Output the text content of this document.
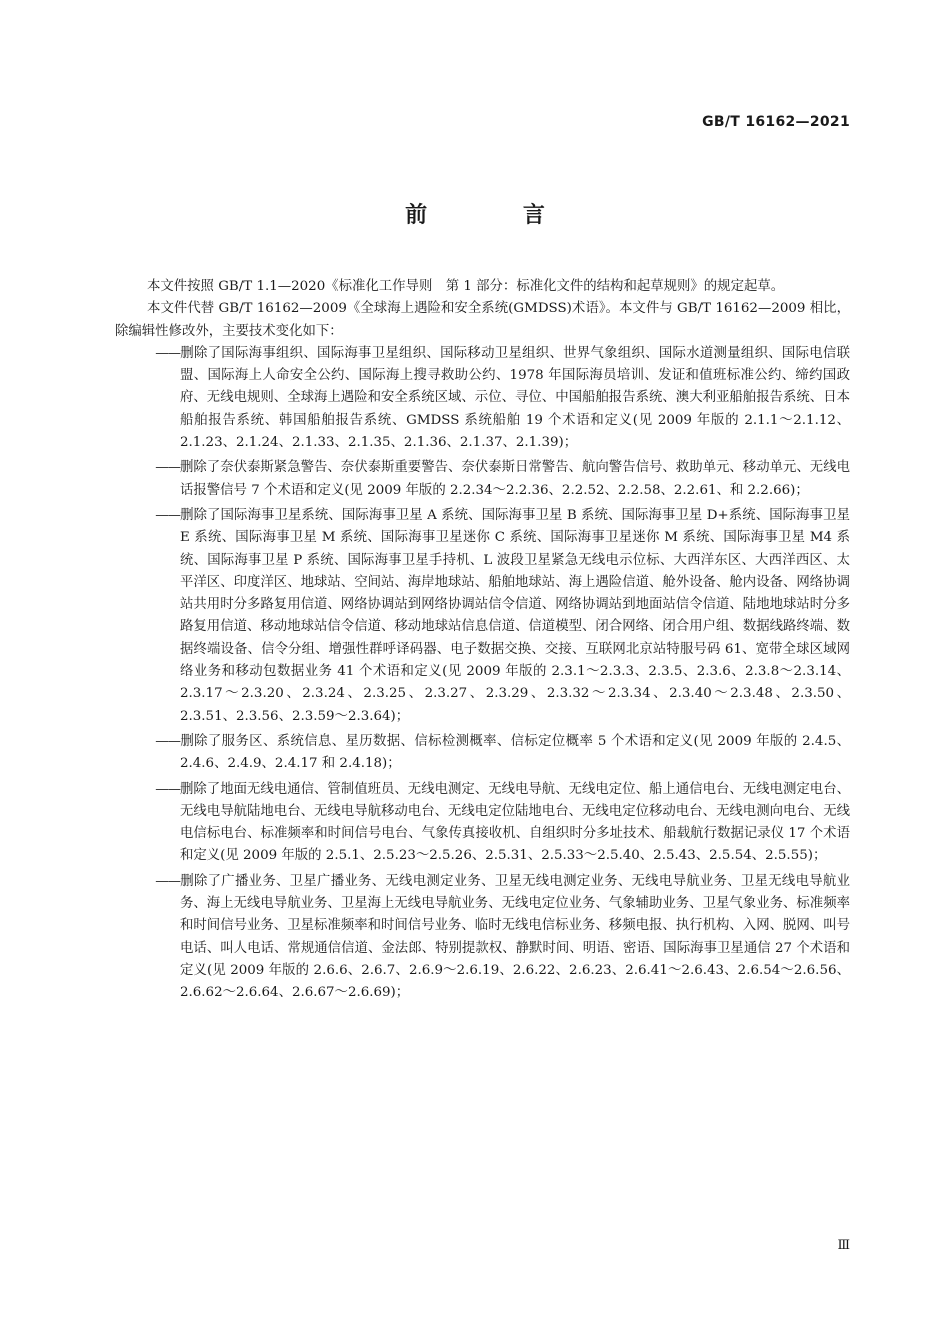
GB/T 16162—2021
前 言

本文件按照 GB/T 1.1—2020《标准化工作导则　第 1 部分：标准化文件的结构和起草规则》的规定起草。

本文件代替 GB/T 16162—2009《全球海上遇险和安全系统(GMDSS)术语》。本文件与 GB/T 16162—2009 相比，除编辑性修改外，主要技术变化如下：

——删除了国际海事组织、国际海事卫星组织、国际移动卫星组织、世界气象组织、国际水道测量组织、国际电信联盟、国际海上人命安全公约、国际海上搜寻救助公约、1978 年国际海员培训、发证和值班标准公约、缔约国政府、无线电规则、全球海上遇险和安全系统区域、示位、寻位、中国船舶报告系统、澳大利亚船舶报告系统、日本船舶报告系统、韩国船舶报告系统、GMDSS 系统船舶 19 个术语和定义(见 2009 年版的 2.1.1～2.1.12、2.1.23、2.1.24、2.1.33、2.1.35、2.1.36、2.1.37、2.1.39)；

——删除了奈伏泰斯紧急警告、奈伏泰斯重要警告、奈伏泰斯日常警告、航向警告信号、救助单元、移动单元、无线电话报警信号 7 个术语和定义(见 2009 年版的 2.2.34～2.2.36、2.2.52、2.2.58、2.2.61、和 2.2.66)；

——删除了国际海事卫星系统、国际海事卫星 A 系统、国际海事卫星 B 系统、国际海事卫星 D+系统、国际海事卫星 E 系统、国际海事卫星 M 系统、国际海事卫星迷你 C 系统、国际海事卫星迷你 M 系统、国际海事卫星 M4 系统、国际海事卫星 P 系统、国际海事卫星手持机、L 波段卫星紧急无线电示位标、大西洋东区、大西洋西区、太平洋区、印度洋区、地球站、空间站、海岸地球站、船舶地球站、海上遇险信道、舱外设备、舱内设备、网络协调站共用时分多路复用信道、网络协调站到网络协调站信令信道、网络协调站到地面站信令信道、陆地地球站时分多路复用信道、移动地球站信令信道、移动地球站信息信道、信道模型、闭合网络、闭合用户组、数据线路终端、数据终端设备、信令分组、增强性群呼译码器、电子数据交换、交接、互联网北京站特服号码 61、宽带全球区域网络业务和移动包数据业务 41 个术语和定义(见 2009 年版的 2.3.1～2.3.3、2.3.5、2.3.6、2.3.8～2.3.14、2.3.17～2.3.20、2.3.24、2.3.25、2.3.27、2.3.29、2.3.32～2.3.34、2.3.40～2.3.48、2.3.50、2.3.51、2.3.56、2.3.59～2.3.64)；

——删除了服务区、系统信息、星历数据、信标检测概率、信标定位概率 5 个术语和定义(见 2009 年版的 2.4.5、2.4.6、2.4.9、2.4.17 和 2.4.18)；

——删除了地面无线电通信、管制值班员、无线电测定、无线电导航、无线电定位、船上通信电台、无线电测定电台、无线电导航陆地电台、无线电导航移动电台、无线电定位陆地电台、无线电定位移动电台、无线电测向电台、无线电信标电台、标准频率和时间信号电台、气象传真接收机、自组织时分多址技术、船载航行数据记录仪 17 个术语和定义(见 2009 年版的 2.5.1、2.5.23～2.5.26、2.5.31、2.5.33～2.5.40、2.5.43、2.5.54、2.5.55)；

——删除了广播业务、卫星广播业务、无线电测定业务、卫星无线电测定业务、无线电导航业务、卫星无线电导航业务、海上无线电导航业务、卫星海上无线电导航业务、无线电定位业务、气象辅助业务、卫星气象业务、标准频率和时间信号业务、卫星标准频率和时间信号业务、临时无线电信标业务、移频电报、执行机构、入网、脱网、叫号电话、叫人电话、常规通信信道、金法郎、特别提款权、静默时间、明语、密语、国际海事卫星通信 27 个术语和定义(见 2009 年版的 2.6.6、2.6.7、2.6.9～2.6.19、2.6.22、2.6.23、2.6.41～2.6.43、2.6.54～2.6.56、2.6.62～2.6.64、2.6.67～2.6.69)；

Ⅲ
